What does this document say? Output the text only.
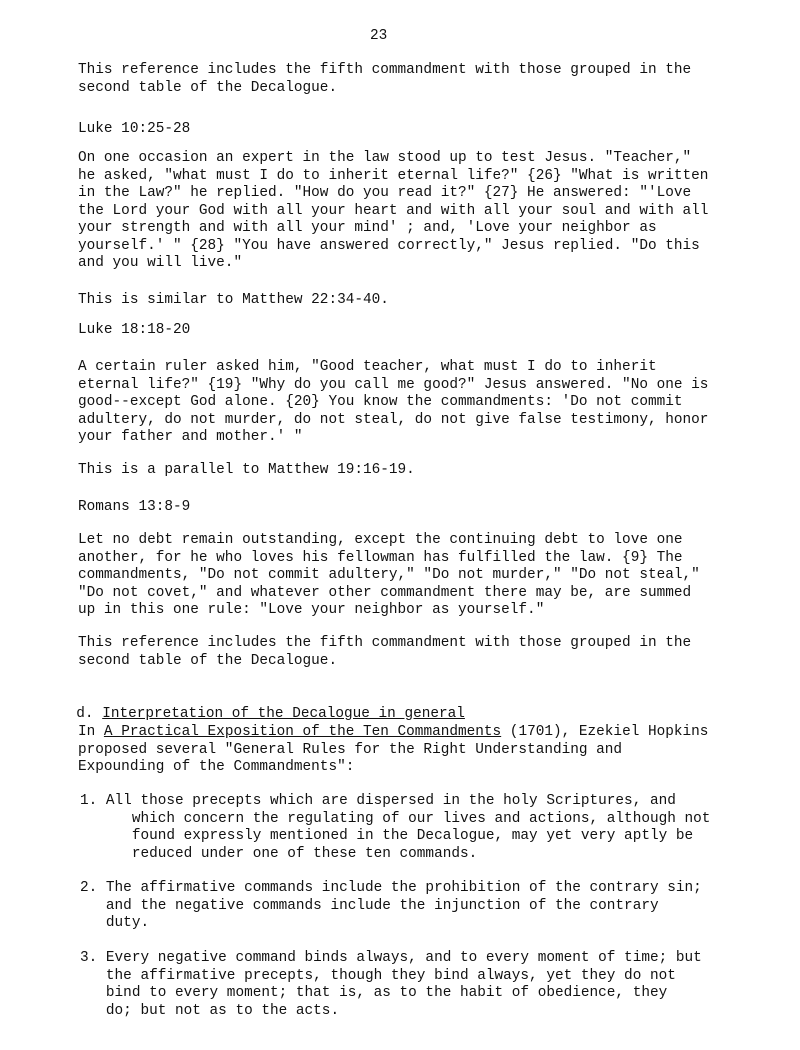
23

This reference includes the fifth commandment with those grouped in the
second table of the Decalogue.

Luke 10:25-28

On one occasion an expert in the law stood up to test Jesus. "Teacher,"
he asked, "what must I do to inherit eternal life?" {26} "What is written
in the Law?" he replied. "How do you read it?" {27} He answered: "'Love
the Lord your God with all your heart and with all your soul and with all
your strength and with all your mind' ; and, 'Love your neighbor as
yourself.' " {28} "You have answered correctly," Jesus replied. "Do this
and you will live."

This is similar to Matthew 22:34-40.

Luke 18:18-20

A certain ruler asked him, "Good teacher, what must I do to inherit
eternal life?" {19} "Why do you call me good?" Jesus answered. "No one is
good--except God alone. {20} You know the commandments: 'Do not commit
adultery, do not murder, do not steal, do not give false testimony, honor
your father and mother.' "

This is a parallel to Matthew 19:16-19.

Romans 13:8-9

Let no debt remain outstanding, except the continuing debt to love one
another, for he who loves his fellowman has fulfilled the law. {9} The
commandments, "Do not commit adultery," "Do not murder," "Do not steal,"
"Do not covet," and whatever other commandment there may be, are summed
up in this one rule: "Love your neighbor as yourself."

This reference includes the fifth commandment with those grouped in the
second table of the Decalogue.

d. Interpretation of the Decalogue in general

In A Practical Exposition of the Ten Commandments (1701), Ezekiel Hopkins
proposed several "General Rules for the Right Understanding and
Expounding of the Commandments":

1. All those precepts which are dispersed in the holy Scriptures, and
which concern the regulating of our lives and actions, although not
found expressly mentioned in the Decalogue, may yet very aptly be
reduced under one of these ten commands.
2. The affirmative commands include the prohibition of the contrary sin;
and the negative commands include the injunction of the contrary
duty.
3. Every negative command binds always, and to every moment of time; but
the affirmative precepts, though they bind always, yet they do not
bind to every moment; that is, as to the habit of obedience, they
do; but not as to the acts.
